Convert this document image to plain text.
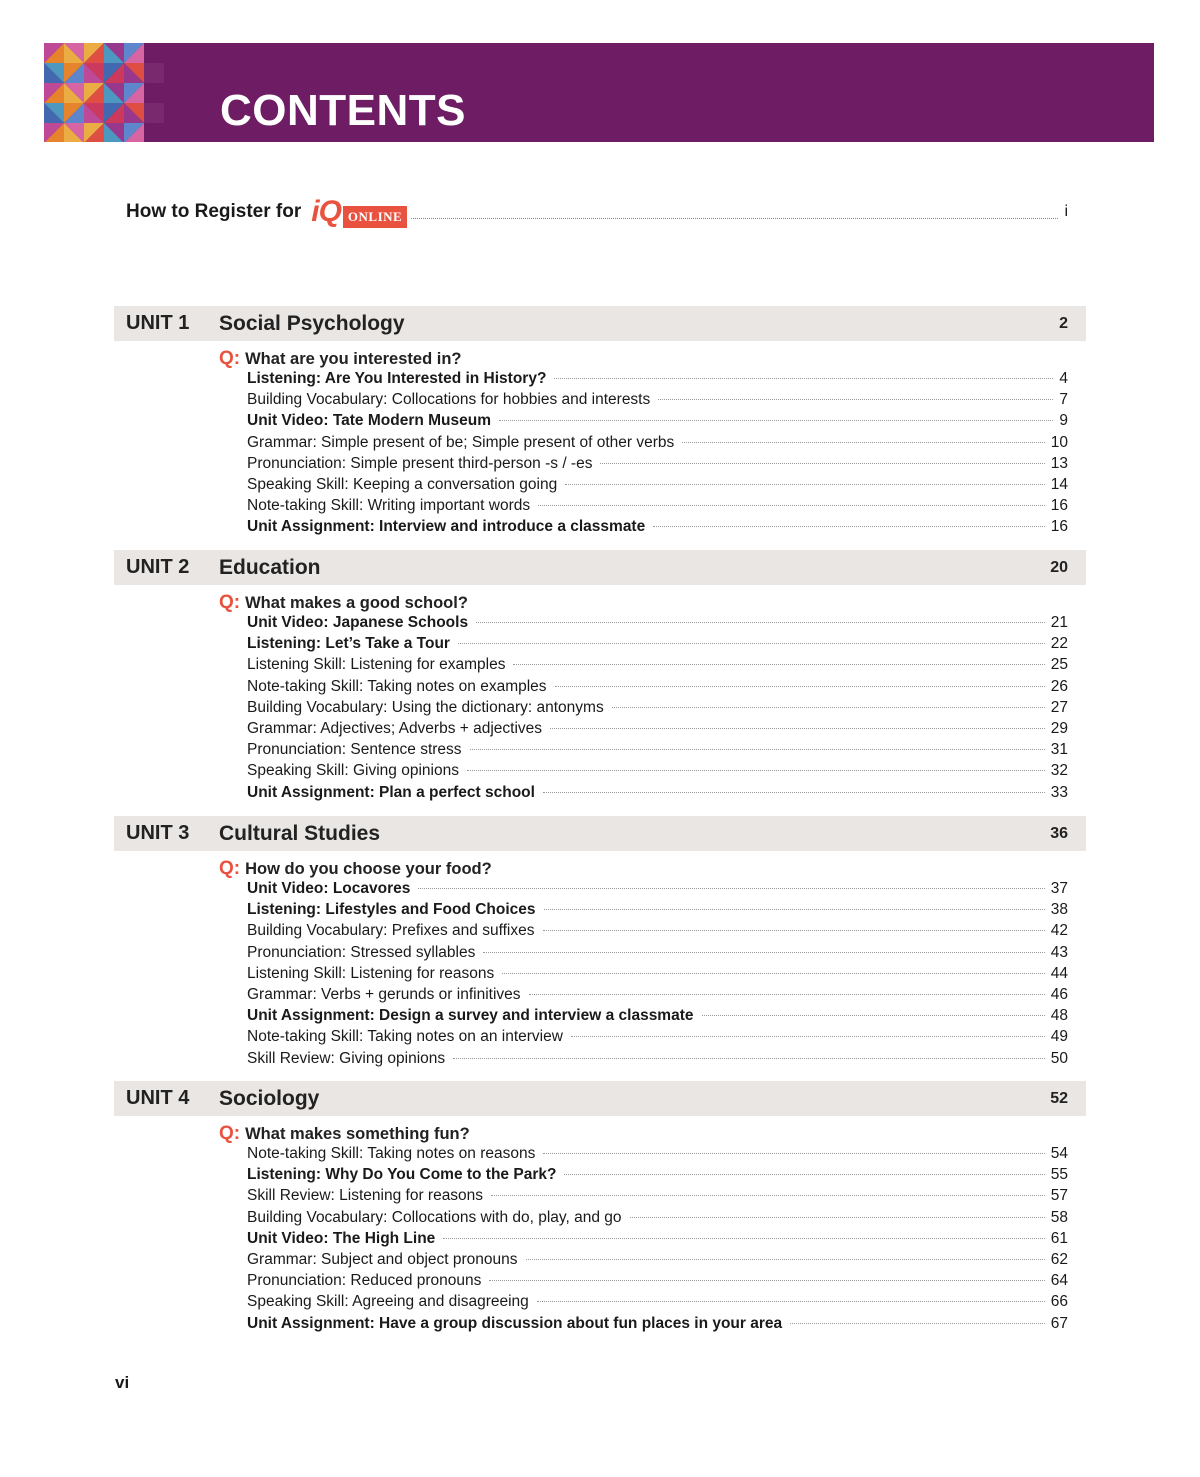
CONTENTS
How to Register for iQ ONLINE	i
UNIT 1 Social Psychology	2
Q: What are you interested in?
Listening: Are You Interested in History?	4
Building Vocabulary: Collocations for hobbies and interests	7
Unit Video: Tate Modern Museum	9
Grammar: Simple present of be; Simple present of other verbs	10
Pronunciation: Simple present third-person -s / -es	13
Speaking Skill: Keeping a conversation going	14
Note-taking Skill: Writing important words	16
Unit Assignment: Interview and introduce a classmate	16
UNIT 2 Education	20
Q: What makes a good school?
Unit Video: Japanese Schools	21
Listening: Let’s Take a Tour	22
Listening Skill: Listening for examples	25
Note-taking Skill: Taking notes on examples	26
Building Vocabulary: Using the dictionary: antonyms	27
Grammar: Adjectives; Adverbs + adjectives	29
Pronunciation: Sentence stress	31
Speaking Skill: Giving opinions	32
Unit Assignment: Plan a perfect school	33
UNIT 3 Cultural Studies	36
Q: How do you choose your food?
Unit Video: Locavores	37
Listening: Lifestyles and Food Choices	38
Building Vocabulary: Prefixes and suffixes	42
Pronunciation: Stressed syllables	43
Listening Skill: Listening for reasons	44
Grammar: Verbs + gerunds or infinitives	46
Unit Assignment: Design a survey and interview a classmate	48
Note-taking Skill: Taking notes on an interview	49
Skill Review: Giving opinions	50
UNIT 4 Sociology	52
Q: What makes something fun?
Note-taking Skill: Taking notes on reasons	54
Listening: Why Do You Come to the Park?	55
Skill Review: Listening for reasons	57
Building Vocabulary: Collocations with do, play, and go	58
Unit Video: The High Line	61
Grammar: Subject and object pronouns	62
Pronunciation: Reduced pronouns	64
Speaking Skill: Agreeing and disagreeing	66
Unit Assignment: Have a group discussion about fun places in your area	67
vi
